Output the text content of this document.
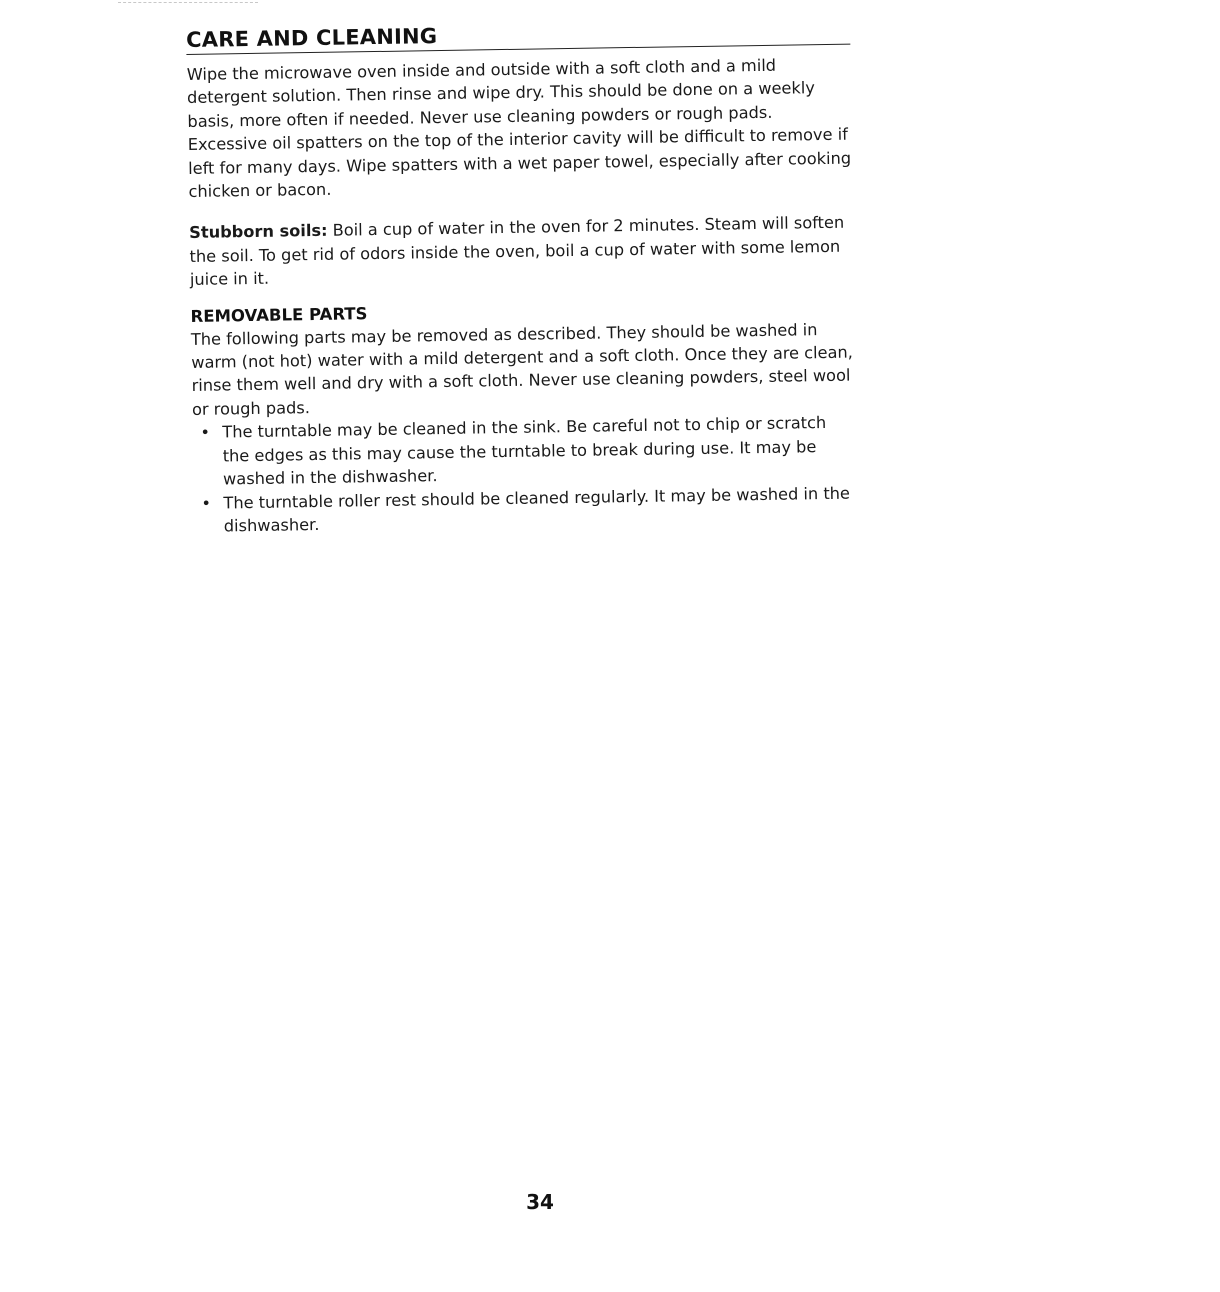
CARE AND CLEANING

Wipe the microwave oven inside and outside with a soft cloth and a mild detergent solution. Then rinse and wipe dry. This should be done on a weekly basis, more often if needed. Never use cleaning powders or rough pads. Excessive oil spatters on the top of the interior cavity will be difficult to remove if left for many days. Wipe spatters with a wet paper towel, especially after cooking chicken or bacon.

Stubborn soils: Boil a cup of water in the oven for 2 minutes. Steam will soften the soil. To get rid of odors inside the oven, boil a cup of water with some lemon juice in it.

REMOVABLE PARTS

The following parts may be removed as described. They should be washed in warm (not hot) water with a mild detergent and a soft cloth. Once they are clean, rinse them well and dry with a soft cloth. Never use cleaning powders, steel wool or rough pads.

• The turntable may be cleaned in the sink. Be careful not to chip or scratch the edges as this may cause the turntable to break during use. It may be washed in the dishwasher.
• The turntable roller rest should be cleaned regularly. It may be washed in the dishwasher.
34
